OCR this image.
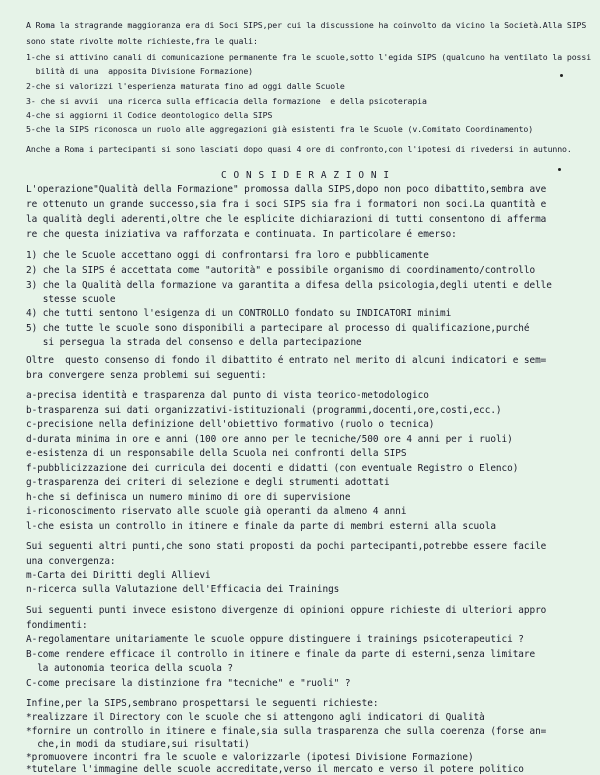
A Roma la stragrande maggioranza era di Soci SIPS,per cui la discussione ha coinvolto da vicino la Società.Alla SIPS
sono state rivolte molte richieste,fra le quali:
1-che si attivino canali di comunicazione permanente fra le scuole,sotto l'egida SIPS (qualcuno ha ventilato la possi
bilità di una  apposita Divisione Formazione)
2-che si valorizzi l'esperienza maturata fino ad oggi dalle Scuole
3- che si avvii  una ricerca sulla efficacia della formazione  e della psicoterapia
4-che si aggiorni il Codice deontologico della SIPS
5-che la SIPS riconosca un ruolo alle aggregazioni già esistenti fra le Scuole (v.Comitato Coordinamento)
Anche a Roma i partecipanti si sono lasciati dopo quasi 4 ore di confronto,con l'ipotesi di rivedersi in autunno.
C O N S I D E R A Z I O N I
L'operazione"Qualità della Formazione" promossa dalla SIPS,dopo non poco dibattito,sembra ave
re ottenuto un grande successo,sia fra i soci SIPS sia fra i formatori non soci.La quantità e
la qualità degli aderenti,oltre che le esplicite dichiarazioni di tutti consentono di afferma
re che questa iniziativa va rafforzata e continuata. In particolare é emerso:
1) che le Scuole accettano oggi di confrontarsi fra loro e pubblicamente
2) che la SIPS é accettata come "autorità" e possibile organismo di coordinamento/controllo
3) che la Qualità della formazione va garantita a difesa della psicologia,degli utenti e delle
stesse scuole
4) che tutti sentono l'esigenza di un CONTROLLO fondato su INDICATORI minimi
5) che tutte le scuole sono disponibili a partecipare al processo di qualificazione,purché
si persegua la strada del consenso e della partecipazione
Oltre  questo consenso di fondo il dibattito é entrato nel merito di alcuni indicatori e sem=
bra convergere senza problemi sui seguenti:
a-precisa identità e trasparenza dal punto di vista teorico-metodologico
b-trasparenza sui dati organizzativi-istituzionali (programmi,docenti,ore,costi,ecc.)
c-precisione nella definizione dell'obiettivo formativo (ruolo o tecnica)
d-durata minima in ore e anni (100 ore anno per le tecniche/500 ore 4 anni per i ruoli)
e-esistenza di un responsabile della Scuola nei confronti della SIPS
f-pubblicizzazione dei curricula dei docenti e didatti (con eventuale Registro o Elenco)
g-trasparenza dei criteri di selezione e degli strumenti adottati
h-che si definisca un numero minimo di ore di supervisione
i-riconoscimento riservato alle scuole già operanti da almeno 4 anni
l-che esista un controllo in itinere e finale da parte di membri esterni alla scuola
Sui seguenti altri punti,che sono stati proposti da pochi partecipanti,potrebbe essere facile
una convergenza:
m-Carta dei Diritti degli Allievi
n-ricerca sulla Valutazione dell'Efficacia dei Trainings
Sui seguenti punti invece esistono divergenze di opinioni oppure richieste di ulteriori appro
fondimenti:
A-regolamentare unitariamente le scuole oppure distinguere i trainings psicoterapeutici ?
B-come rendere efficace il controllo in itinere e finale da parte di esterni,senza limitare
la autonomia teorica della scuola ?
C-come precisare la distinzione fra "tecniche" e "ruoli" ?
Infine,per la SIPS,sembrano prospettarsi le seguenti richieste:
*realizzare il Directory con le scuole che si attengono agli indicatori di Qualità
*fornire un controllo in itinere e finale,sia sulla trasparenza che sulla coerenza (forse an=
che,in modi da studiare,sui risultati)
*promuovere incontri fra le scuole e valorizzarle (ipotesi Divisione Formazione)
*tutelare l'immagine delle scuole accreditate,verso il mercato e verso il potere politico
